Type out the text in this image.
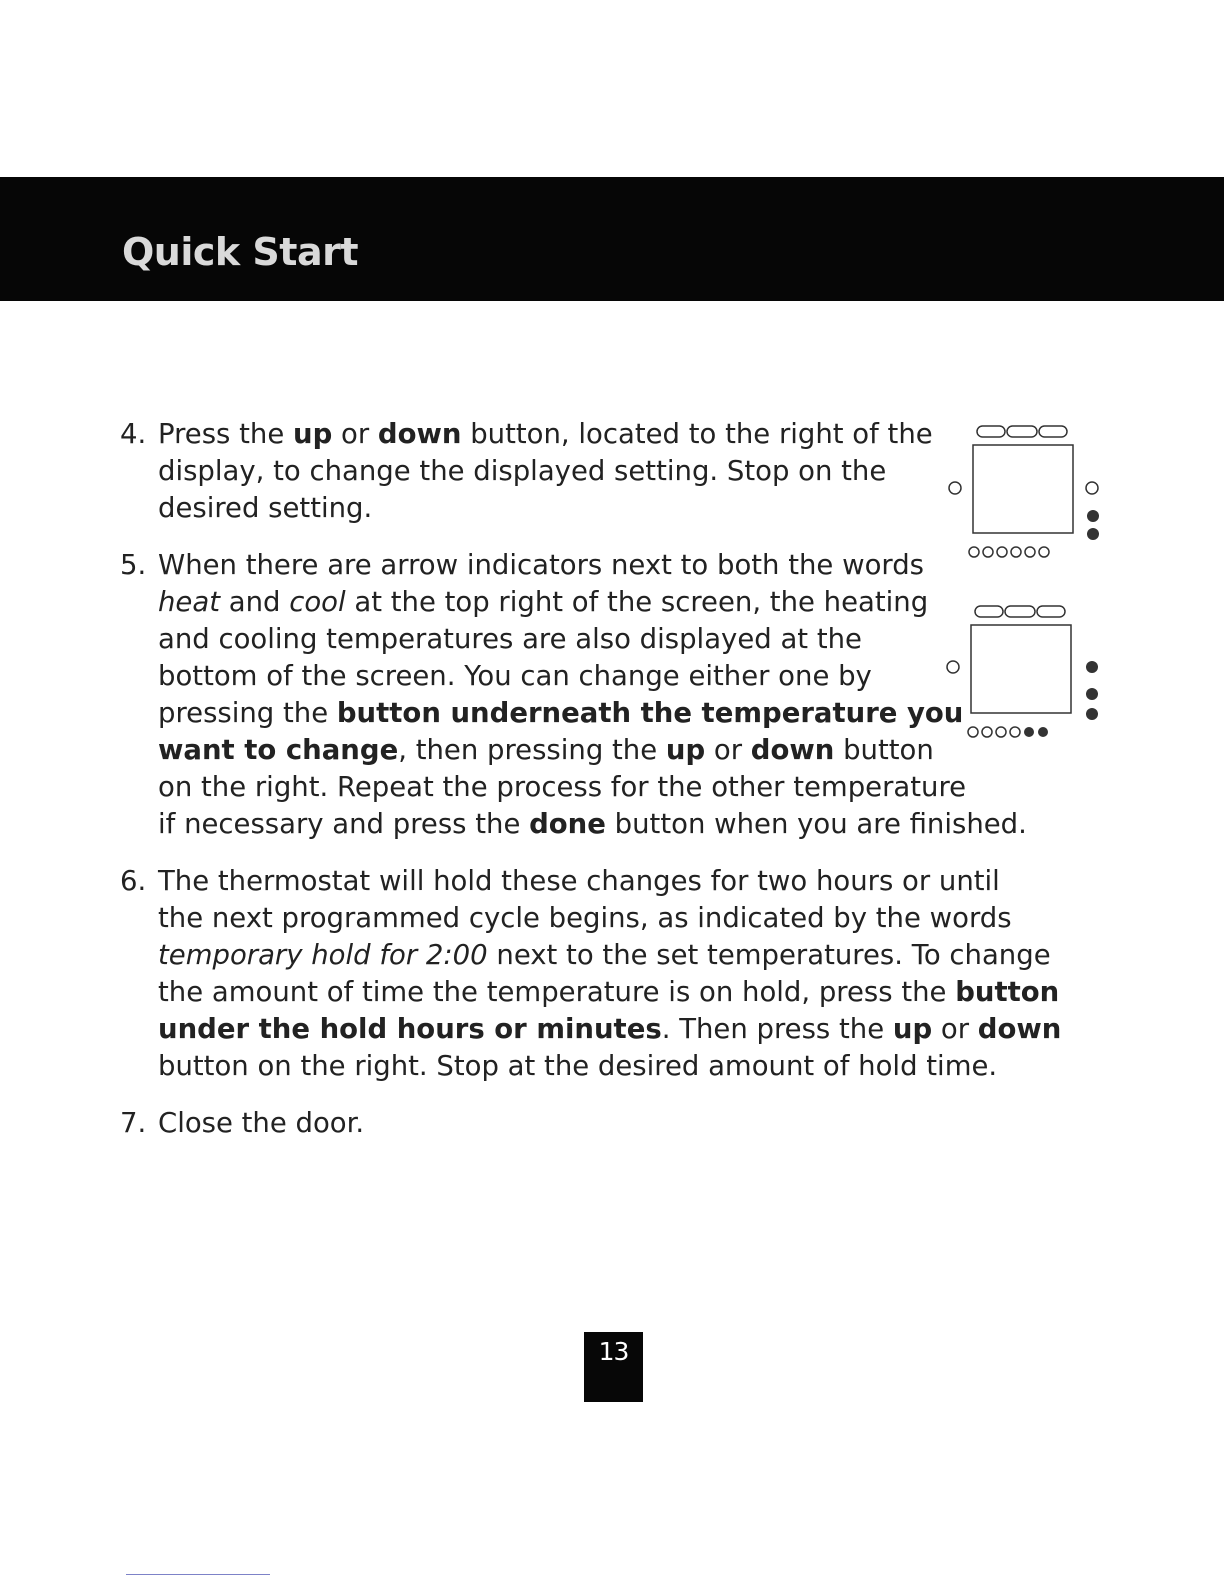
Quick Start
4. Press the up or down button, located to the right of the
display, to change the displayed setting. Stop on the
desired setting.
5. When there are arrow indicators next to both the words
heat and cool at the top right of the screen, the heating
and cooling temperatures are also displayed at the
bottom of the screen. You can change either one by
pressing the button underneath the temperature you
want to change, then pressing the up or down button
on the right. Repeat the process for the other temperature
if necessary and press the done button when you are finished.
6. The thermostat will hold these changes for two hours or until
the next programmed cycle begins, as indicated by the words
temporary hold for 2:00 next to the set temperatures. To change
the amount of time the temperature is on hold, press the button
under the hold hours or minutes. Then press the up or down
button on the right. Stop at the desired amount of hold time.
7. Close the door.
13
